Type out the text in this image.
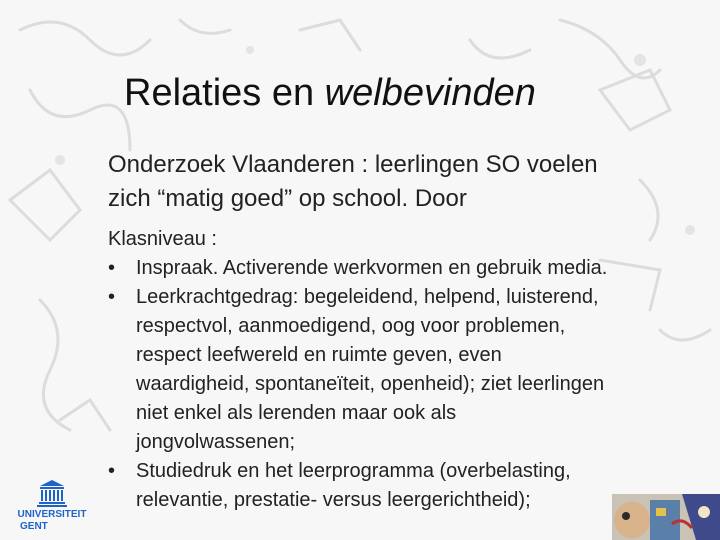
Relaties en welbevinden
Onderzoek Vlaanderen : leerlingen SO voelen
zich “matig goed” op school. Door
Klasniveau :
•	Inspraak. Activerende werkvormen en gebruik media.
•	Leerkrachtgedrag: begeleidend, helpend, luisterend,
respectvol, aanmoedigend, oog voor problemen,
respect leefwereld en ruimte geven, even
waardigheid, spontaneïteit, openheid); ziet leerlingen
niet enkel als lerenden maar ook als
jongvolwassenen;
•	Studiedruk en het leerprogramma (overbelasting,
relevantie, prestatie- versus leergerichtheid);
UNIVERSITEIT
GENT
